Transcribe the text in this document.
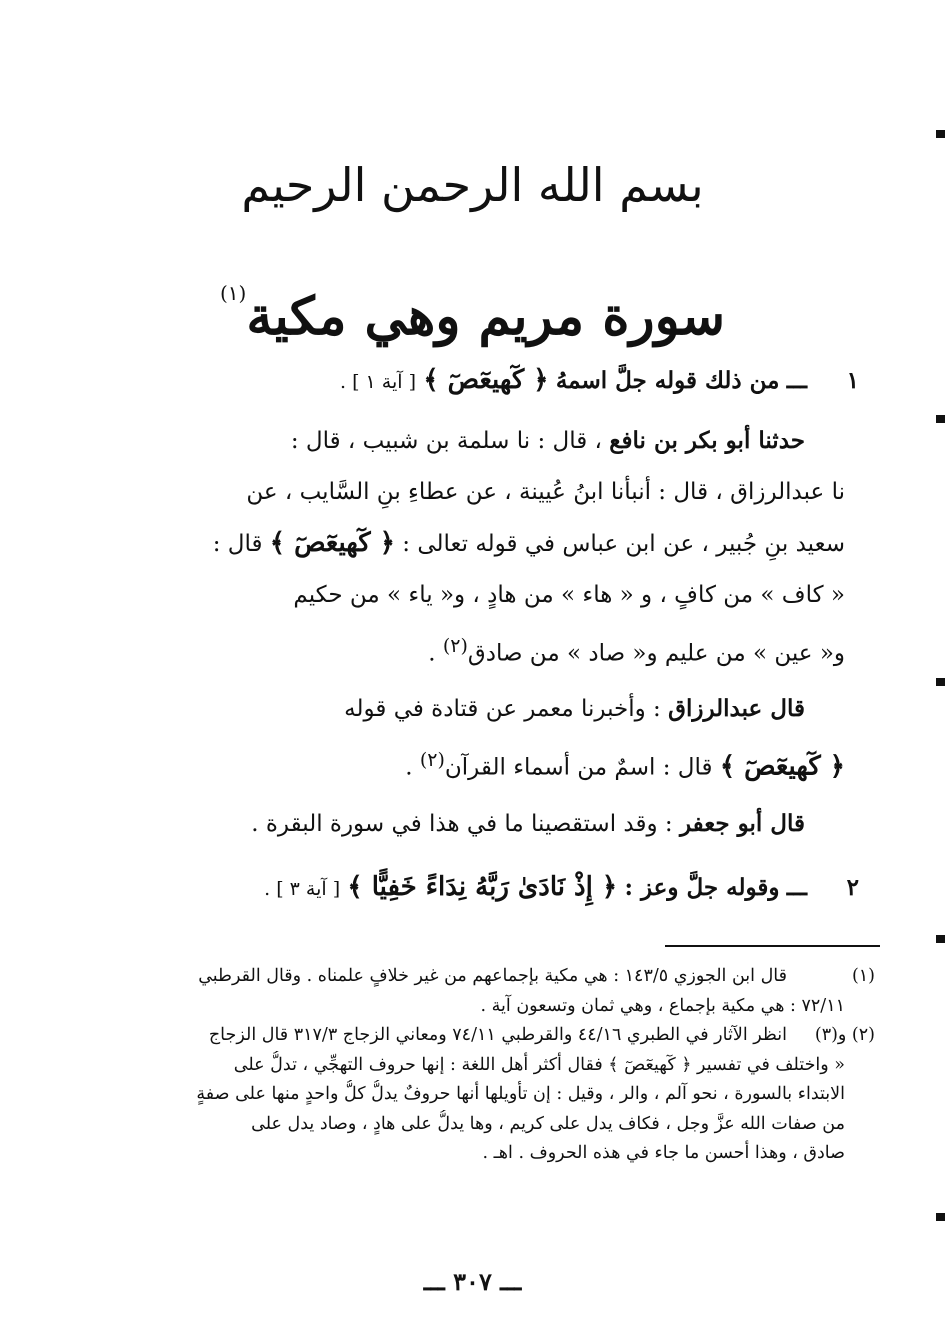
بسم الله الرحمن الرحيم
سورة مريم وهي مكية$^{(١)}$
١
ـــ من ذلك قوله جلَّ اسمهُ ﴿ كٓهيعٓصٓ ﴾ [ آية ١ ] .
حدثنا أبو بكر بن نافع ، قال : نا سلمة بن شبيب ، قال :
نا عبدالرزاق ، قال : أنبأنا ابنُ عُيينة ، عن عطاءِ بنِ السَّايب ، عن
سعيد بنِ جُبير ، عن ابن عباس في قوله تعالى : ﴿ كٓهيعٓصٓ ﴾ قال :
« كاف » من كافٍ ، و « هاء » من هادٍ ، و« ياء » من حكيم
و« عين » من عليم و« صاد » من صادق$^{(٢)}$ .
قال عبدالرزاق : وأخبرنا معمر عن قتادة في قوله
﴿ كٓهيعٓصٓ ﴾ قال : اسمٌ من أسماء القرآن$^{(٢)}$ .
قال أبو جعفر : وقد استقصينا ما في هذا في سورة البقرة .
٢
ـــ وقوله جلَّ وعز : ﴿ إِذْ نَادَىٰ رَبَّهُ نِدَاءً خَفِيًّا ﴾ [ آية ٣ ] .
(١)
قال ابن الجوزي ١٤٣/٥ : هي مكية بإجماعهم من غير خلافٍ علمناه . وقال القرطبي
٧٢/١١ : هي مكية بإجماع ، وهي ثمان وتسعون آية .
(٢) و(٣)
انظر الآثار في الطبري ٤٤/١٦ والقرطبي ٧٤/١١ ومعاني الزجاج ٣١٧/٣ قال الزجاج
« واختلف في تفسير ﴿ كٓهيعٓصٓ ﴾ فقال أكثر أهل اللغة : إنها حروف التهجِّي ، تدلُّ على
الابتداء بالسورة ، نحو آلم ، والر ، وقيل : إن تأويلها أنها حروفٌ يدلُّ كلُّ واحدٍ منها على صفةٍ
من صفات الله عزَّ وجل ، فكاف يدل على كريم ، وها يدلُّ على هادٍ ، وصاد يدل على
صادق ، وهذا أحسن ما جاء في هذه الحروف . اهـ .
ـــ ٣٠٧ ـــ
